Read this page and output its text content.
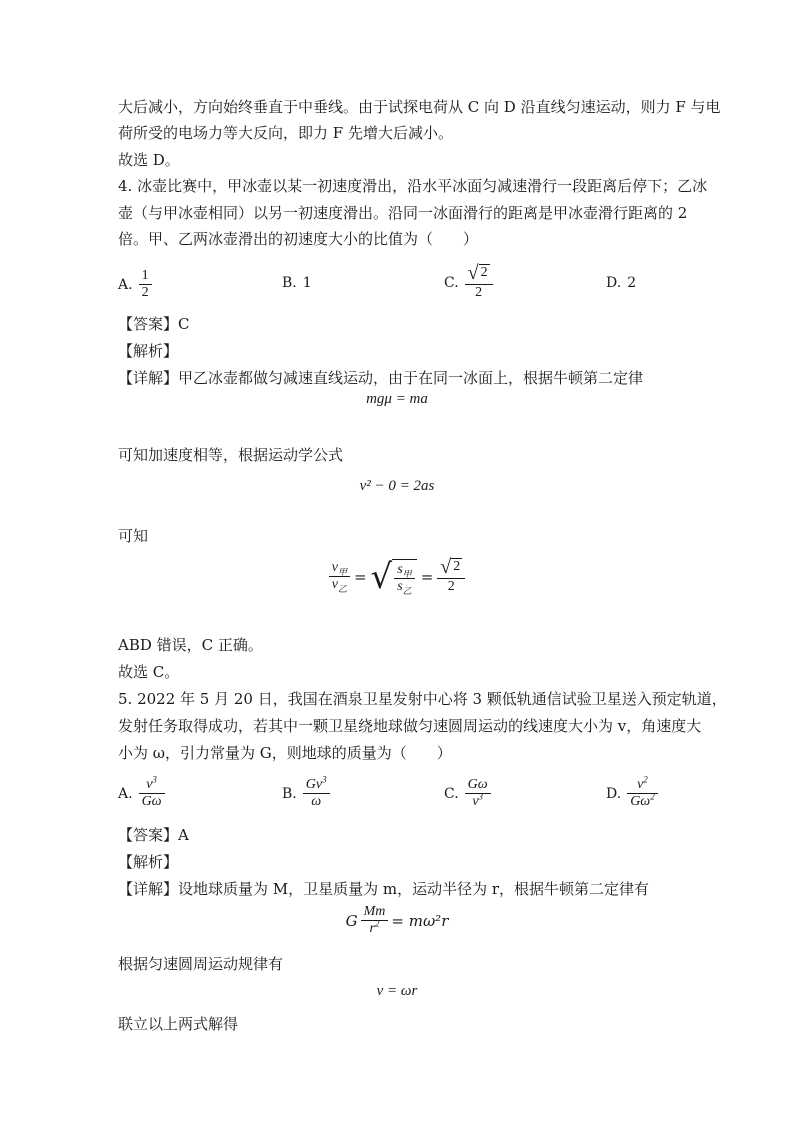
大后减小，方向始终垂直于中垂线。由于试探电荷从 C 向 D 沿直线匀速运动，则力 F 与电
荷所受的电场力等大反向，即力 F 先增大后减小。
故选 D。
4. 冰壶比赛中，甲冰壶以某一初速度滑出，沿水平冰面匀减速滑行一段距离后停下；乙冰
壶（与甲冰壶相同）以另一初速度滑出。沿同一冰面滑行的距离是甲冰壶滑行距离的 2
倍。甲、乙两冰壶滑出的初速度大小的比值为（　　）
A. $\frac{1}{2}$	B. 1	C. $\frac{√ 2}{2}$	D. 2
【答案】C
【解析】
【详解】甲乙冰壶都做匀减速直线运动，由于在同一冰面上，根据牛顿第二定律
mgμ = ma
可知加速度相等，根据运动学公式
v² − 0 = 2as
可知
$\frac{v_甲}{v_乙}$ = √ $\frac{s_甲}{s_乙} = \frac{√ 2}{2}$
ABD 错误，C 正确。
故选 C。
5. 2022 年 5 月 20 日，我国在酒泉卫星发射中心将 3 颗低轨通信试验卫星送入预定轨道，
发射任务取得成功，若其中一颗卫星绕地球做匀速圆周运动的线速度大小为 v，角速度大
小为 ω，引力常量为 G，则地球的质量为（　　）
A. $\frac{v^3}{G\omega}$	B. $\frac{Gv^3}{\omega}$	C. $\frac{G\omega}{v^3}$	D. $\frac{v^2}{G\omega^2}$
【答案】A
【解析】
【详解】设地球质量为 M，卫星质量为 m，运动半径为 r，根据牛顿第二定律有
G $\frac{Mm}{r^2} = m\omega^2r$
根据匀速圆周运动规律有
v = ωr
联立以上两式解得
